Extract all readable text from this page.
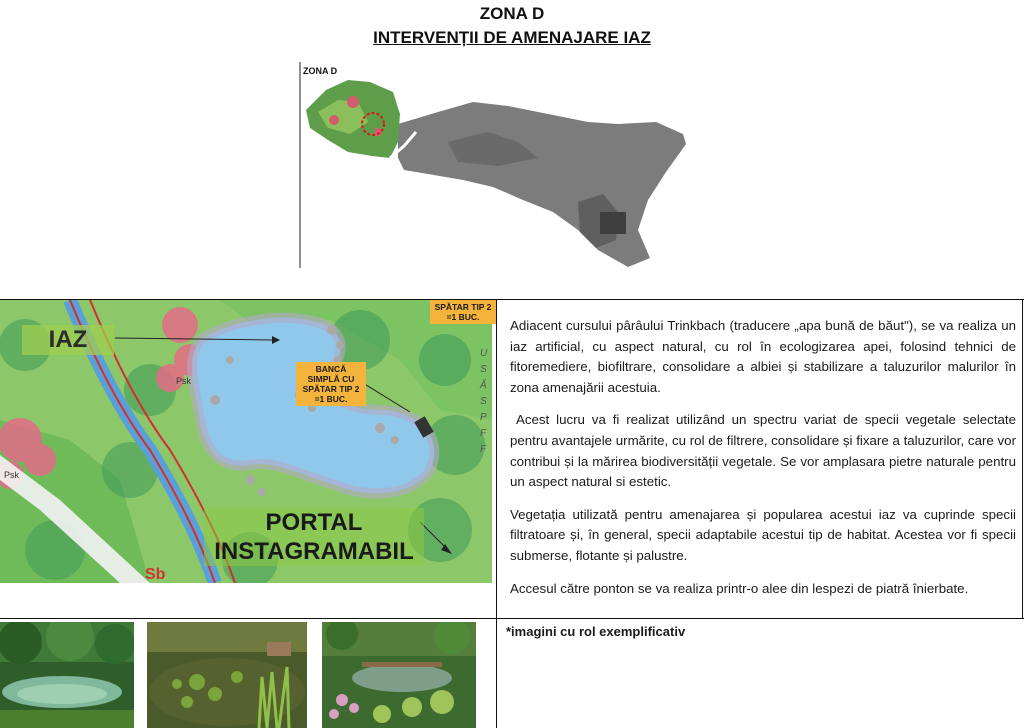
ZONA D
INTERVENȚII DE AMENAJARE IAZ
ZONA D
IAZ
PORTAL INSTAGRAMABIL
BANCĂ SIMPLĂ CU SPĂTAR TIP 2 =1 BUC.
SPĂTAR TIP 2 =1 BUC.
Psk
Psk
Sb
U
S
Ă
S
P
F
F

Adiacent cursului pârâului Trinkbach (traducere „apa bună de băut"), se va realiza un iaz artificial, cu aspect natural, cu rol în ecologizarea apei, folosind tehnici de fitoremediere, biofiltrare, consolidare a albiei și stabilizare a taluzurilor malurilor în zona amenajării acestuia.

Acest lucru va fi realizat utilizând un spectru variat de specii vegetale selectate pentru avantajele urmărite, cu rol de filtrere, consolidare și fixare a taluzurilor, care vor contribui și la mărirea biodiversității vegetale. Se vor amplasara pietre naturale pentru un aspect natural si estetic.

Vegetația utilizată pentru amenajarea și popularea acestui iaz va cuprinde specii filtratoare și, în general, specii adaptabile acestui tip de habitat. Acestea vor fi specii submerse, flotante și palustre.

Accesul către ponton se va realiza printr-o alee din lespezi de piatră înierbate.

*imagini cu rol exemplificativ
